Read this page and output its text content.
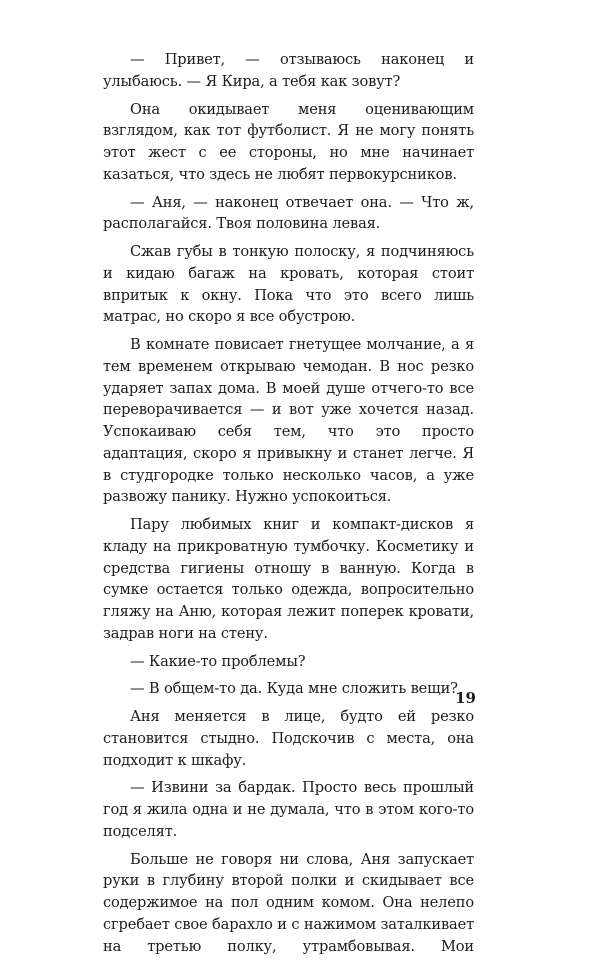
— Привет, — отзываюсь наконец и улыбаюсь. — Я Кира, а тебя как зовут?

Она окидывает меня оценивающим взглядом, как тот футболист. Я не могу понять этот жест с ее стороны, но мне начинает казаться, что здесь не любят первокурсников.

— Аня, — наконец отвечает она. — Что ж, располагайся. Твоя половина левая.

Сжав губы в тонкую полоску, я подчиняюсь и кидаю багаж на кровать, которая стоит впритык к окну. Пока что это всего лишь матрас, но скоро я все обустрою.

В комнате повисает гнетущее молчание, а я тем временем открываю чемодан. В нос резко ударяет запах дома. В моей душе отчего-то все переворачивается — и вот уже хочется назад. Успокаиваю себя тем, что это просто адаптация, скоро я привыкну и станет легче. Я в студгородке только несколько часов, а уже развожу панику. Нужно успокоиться.

Пару любимых книг и компакт-дисков я кладу на прикроватную тумбочку. Косметику и средства гигиены отношу в ванную. Когда в сумке остается только одежда, вопросительно гляжу на Аню, которая лежит поперек кровати, задрав ноги на стену.

— Какие-то проблемы?

— В общем-то да. Куда мне сложить вещи?

Аня меняется в лице, будто ей резко становится стыдно. Подскочив с места, она подходит к шкафу.

— Извини за бардак. Просто весь прошлый год я жила одна и не думала, что в этом кого-то подселят.

Больше не говоря ни слова, Аня запускает руки в глубину второй полки и скидывает все содержимое на пол одним комом. Она нелепо сгребает свое барахло и с нажимом заталкивает на третью полку, утрамбовывая. Мои

19
